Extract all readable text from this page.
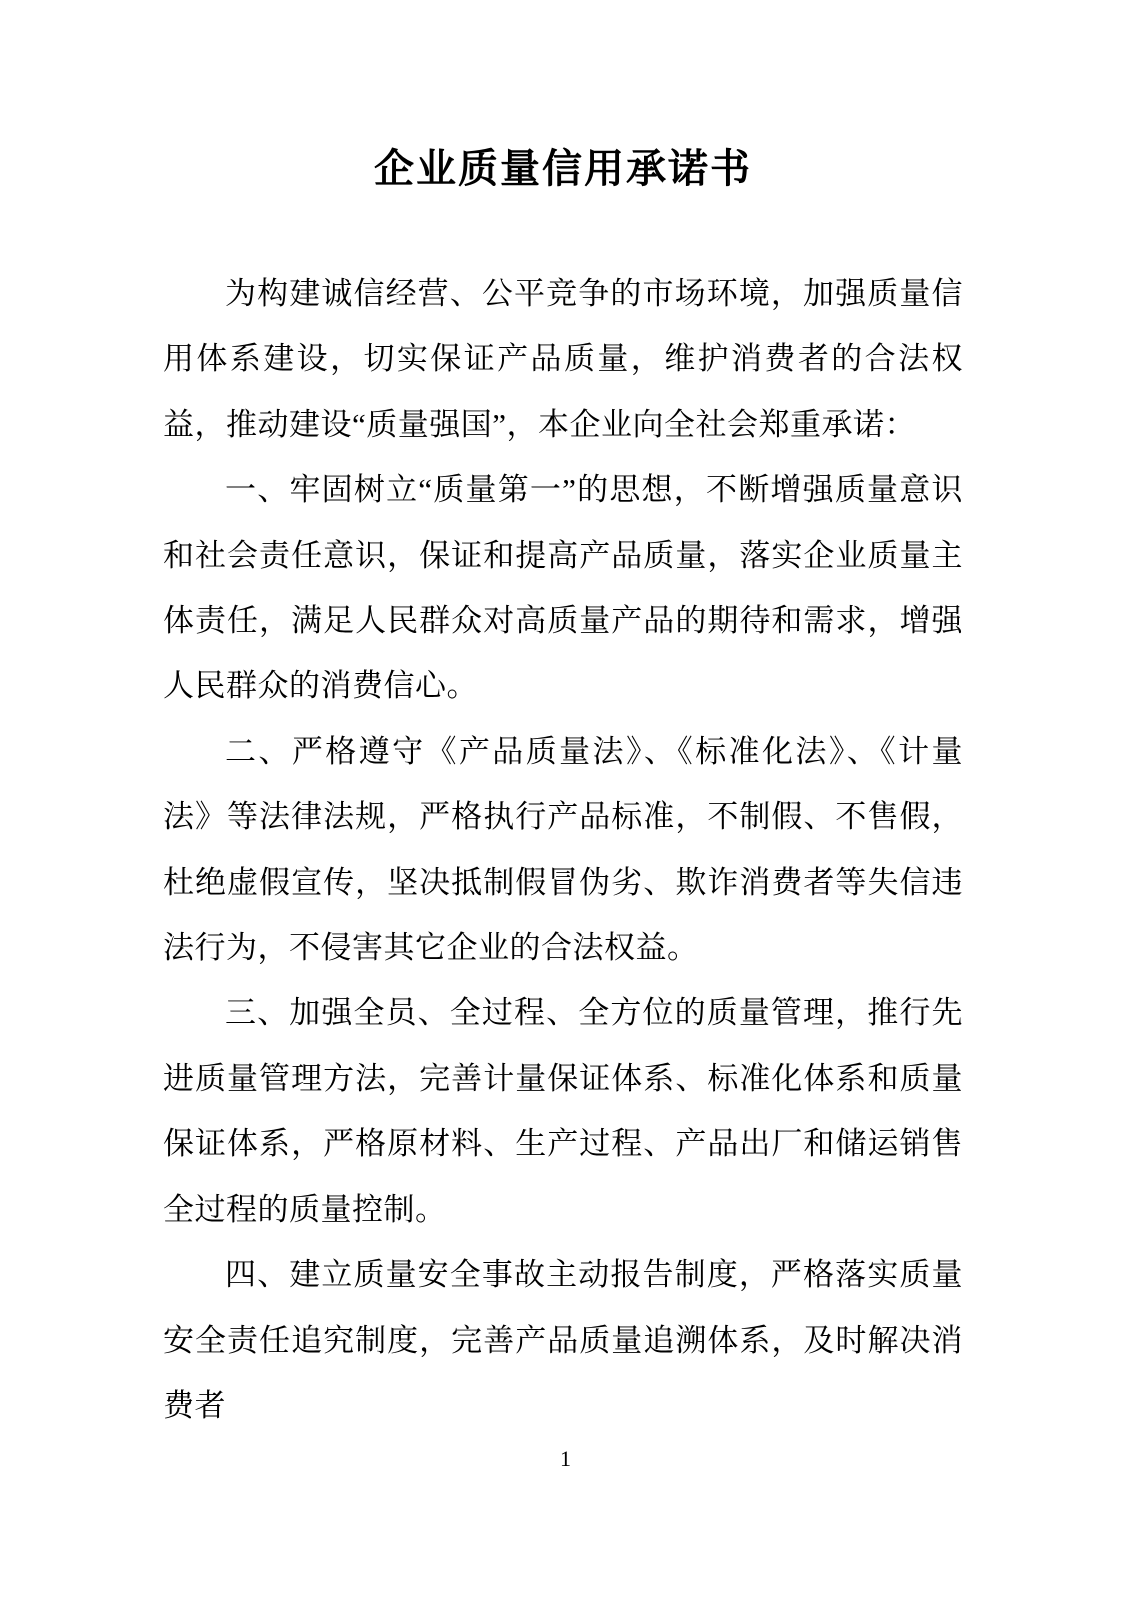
企业质量信用承诺书

为构建诚信经营、公平竞争的市场环境，加强质量信用体系建设，切实保证产品质量，维护消费者的合法权益，推动建设“质量强国”，本企业向全社会郑重承诺：

一、牢固树立“质量第一”的思想，不断增强质量意识和社会责任意识，保证和提高产品质量，落实企业质量主体责任，满足人民群众对高质量产品的期待和需求，增强人民群众的消费信心。

二、严格遵守《产品质量法》、《标准化法》、《计量法》等法律法规，严格执行产品标准，不制假、不售假，杜绝虚假宣传，坚决抵制假冒伪劣、欺诈消费者等失信违法行为，不侵害其它企业的合法权益。

三、加强全员、全过程、全方位的质量管理，推行先进质量管理方法，完善计量保证体系、标准化体系和质量保证体系，严格原材料、生产过程、产品出厂和储运销售全过程的质量控制。

四、建立质量安全事故主动报告制度，严格落实质量安全责任追究制度，完善产品质量追溯体系，及时解决消费者

1
